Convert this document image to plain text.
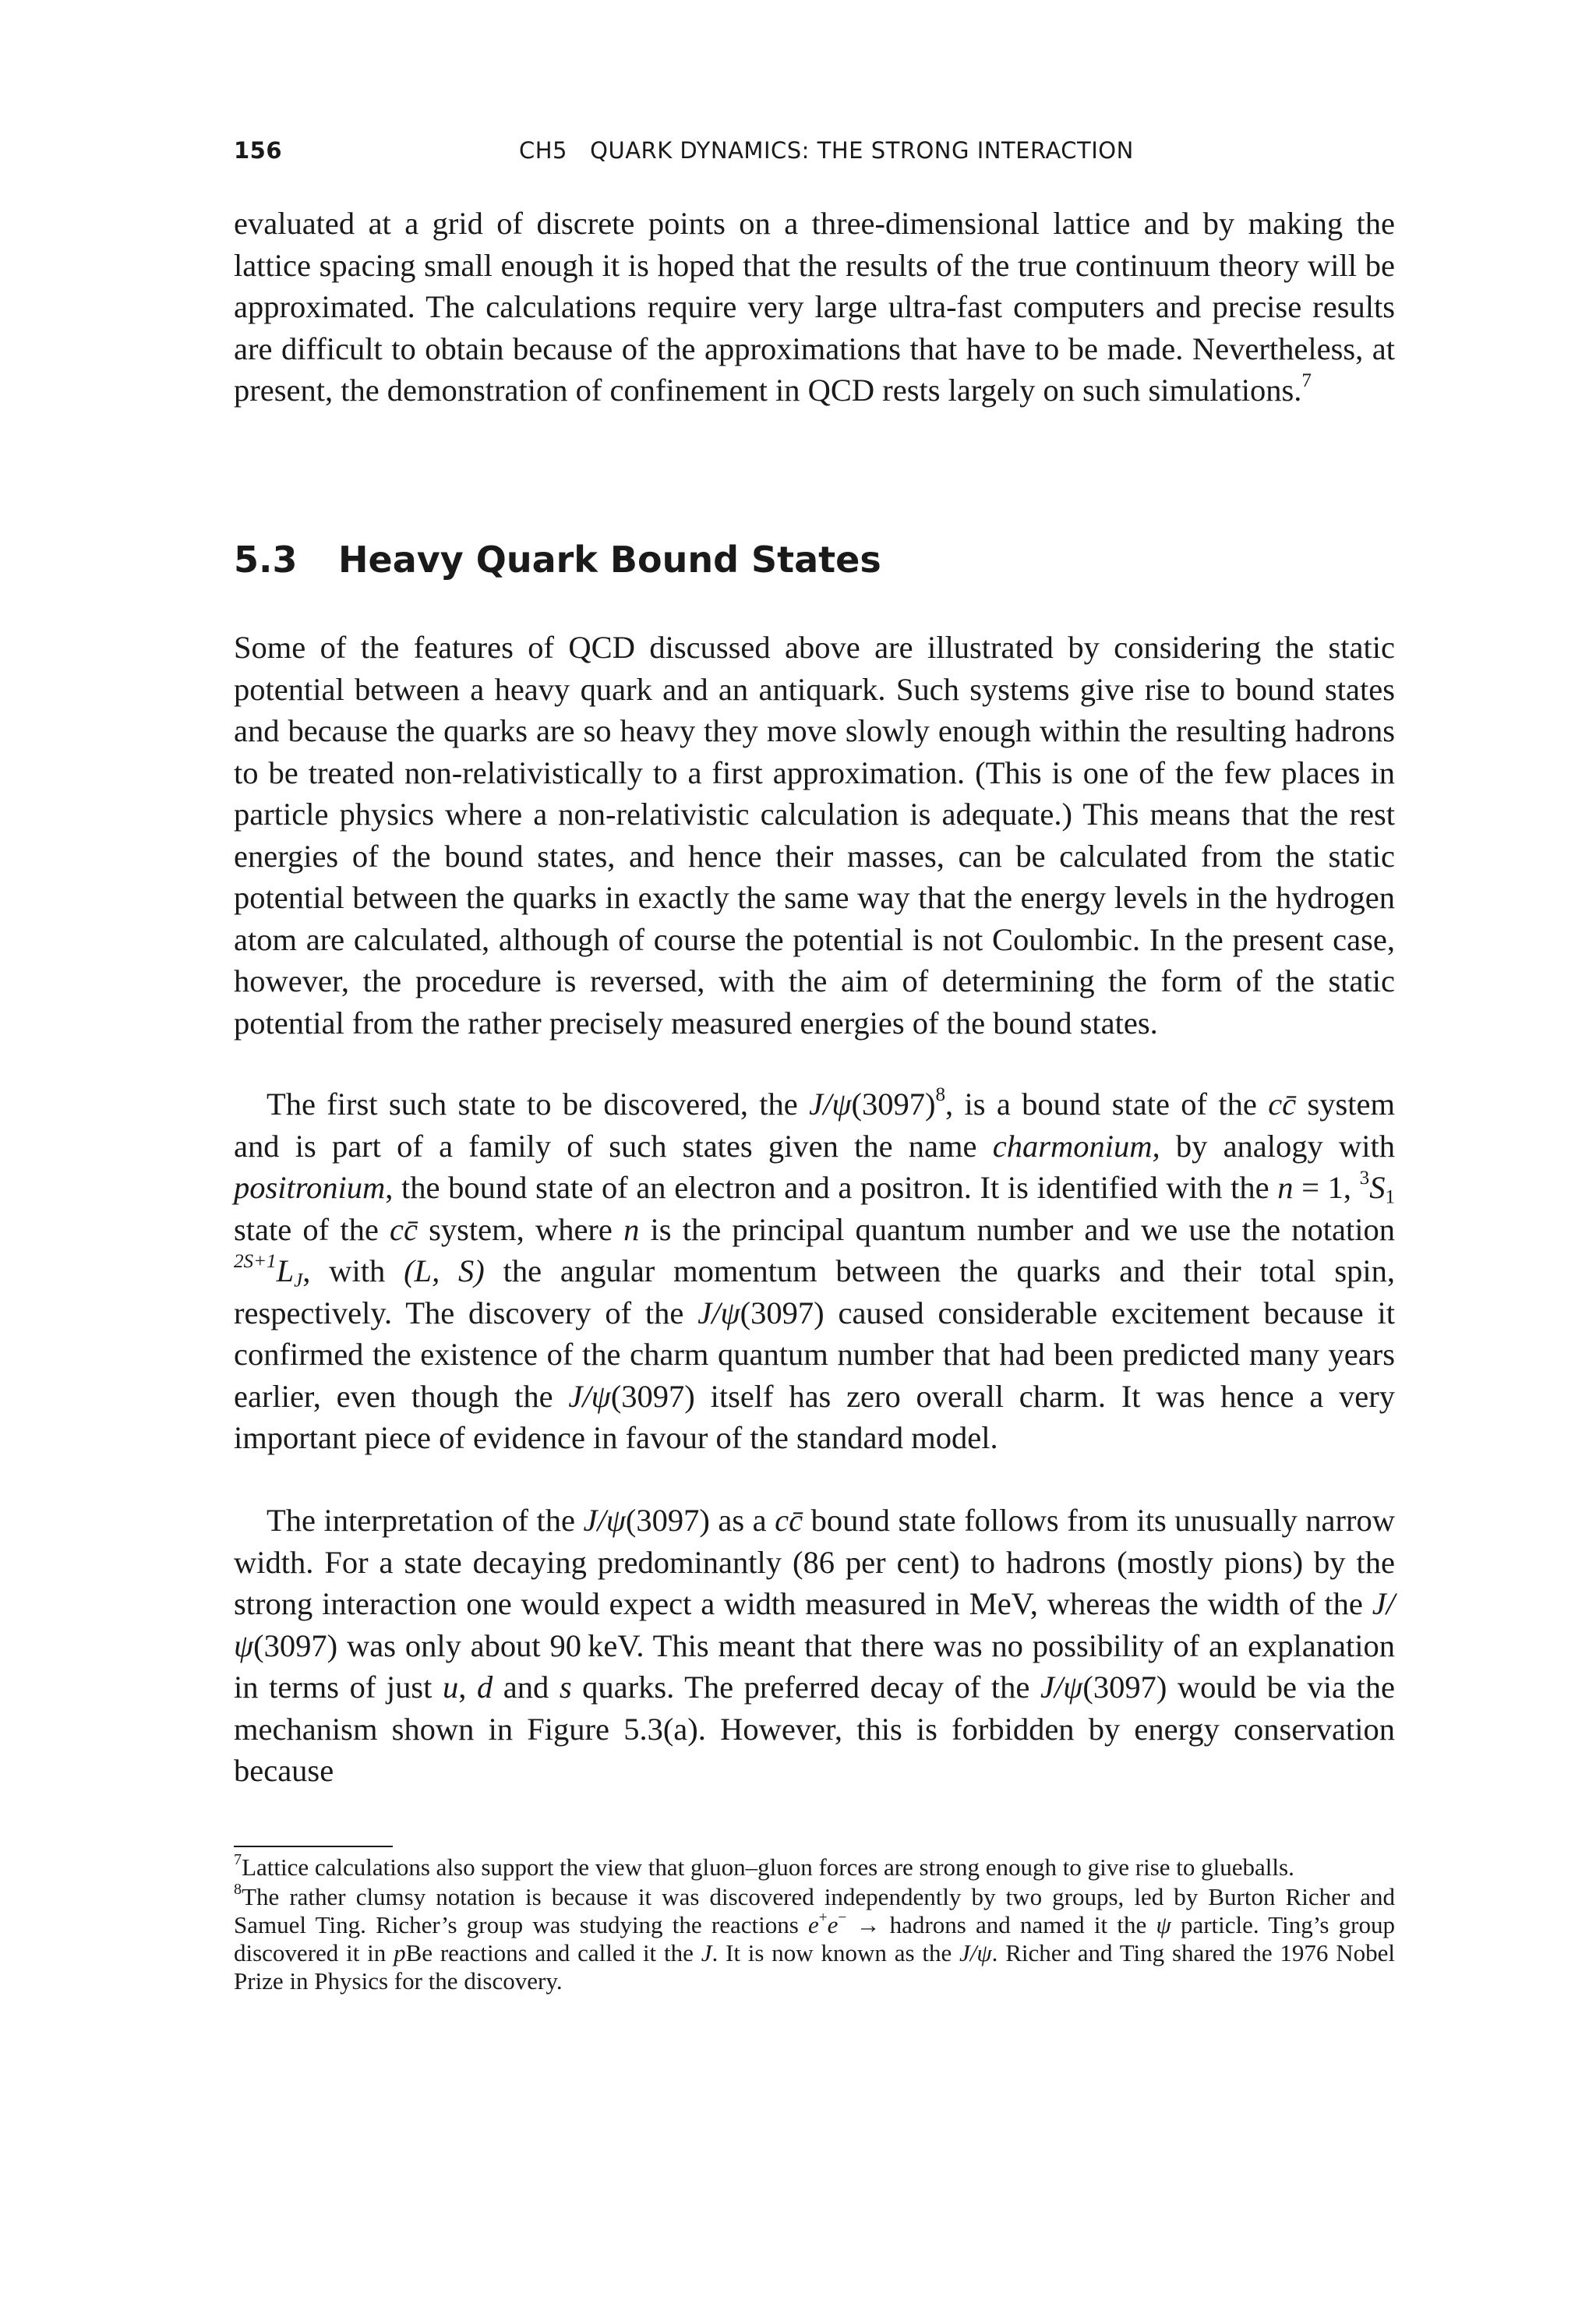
156	CH5   QUARK DYNAMICS: THE STRONG INTERACTION

evaluated at a grid of discrete points on a three-dimensional lattice and by making the lattice spacing small enough it is hoped that the results of the true continuum theory will be approximated. The calculations require very large ultra-fast computers and precise results are difficult to obtain because of the approximations that have to be made. Nevertheless, at present, the demonstration of confinement in QCD rests largely on such simulations.$^7$

5.3 Heavy Quark Bound States

Some of the features of QCD discussed above are illustrated by considering the static potential between a heavy quark and an antiquark. Such systems give rise to bound states and because the quarks are so heavy they move slowly enough within the resulting hadrons to be treated non-relativistically to a first approximation. (This is one of the few places in particle physics where a non-relativistic calculation is adequate.) This means that the rest energies of the bound states, and hence their masses, can be calculated from the static potential between the quarks in exactly the same way that the energy levels in the hydrogen atom are calculated, although of course the potential is not Coulombic. In the present case, however, the procedure is reversed, with the aim of determining the form of the static potential from the rather precisely measured energies of the bound states.

The first such state to be discovered, the $J/\psi(3097)^8$, is a bound state of the cc̄ system and is part of a family of such states given the name charmonium, by analogy with positronium, the bound state of an electron and a positron. It is identified with the n = 1, $^3S_1$ state of the cc̄ system, where n is the principal quantum number and we use the notation $^{2S+1}L_J$, with (L, S) the angular momentum between the quarks and their total spin, respectively. The discovery of the J/ψ(3097) caused considerable excitement because it confirmed the existence of the charm quantum number that had been predicted many years earlier, even though the J/ψ(3097) itself has zero overall charm. It was hence a very important piece of evidence in favour of the standard model.

The interpretation of the J/ψ(3097) as a cc̄ bound state follows from its unusually narrow width. For a state decaying predominantly (86 per cent) to hadrons (mostly pions) by the strong interaction one would expect a width measured in MeV, whereas the width of the J/ψ(3097) was only about 90 keV. This meant that there was no possibility of an explanation in terms of just u, d and s quarks. The preferred decay of the J/ψ(3097) would be via the mechanism shown in Figure 5.3(a). However, this is forbidden by energy conservation because

$^7$Lattice calculations also support the view that gluon–gluon forces are strong enough to give rise to glueballs.

$^8$The rather clumsy notation is because it was discovered independently by two groups, led by Burton Richer and Samuel Ting. Richer’s group was studying the reactions e+e− → hadrons and named it the ψ particle. Ting’s group discovered it in pBe reactions and called it the J. It is now known as the J/ψ. Richer and Ting shared the 1976 Nobel Prize in Physics for the discovery.
